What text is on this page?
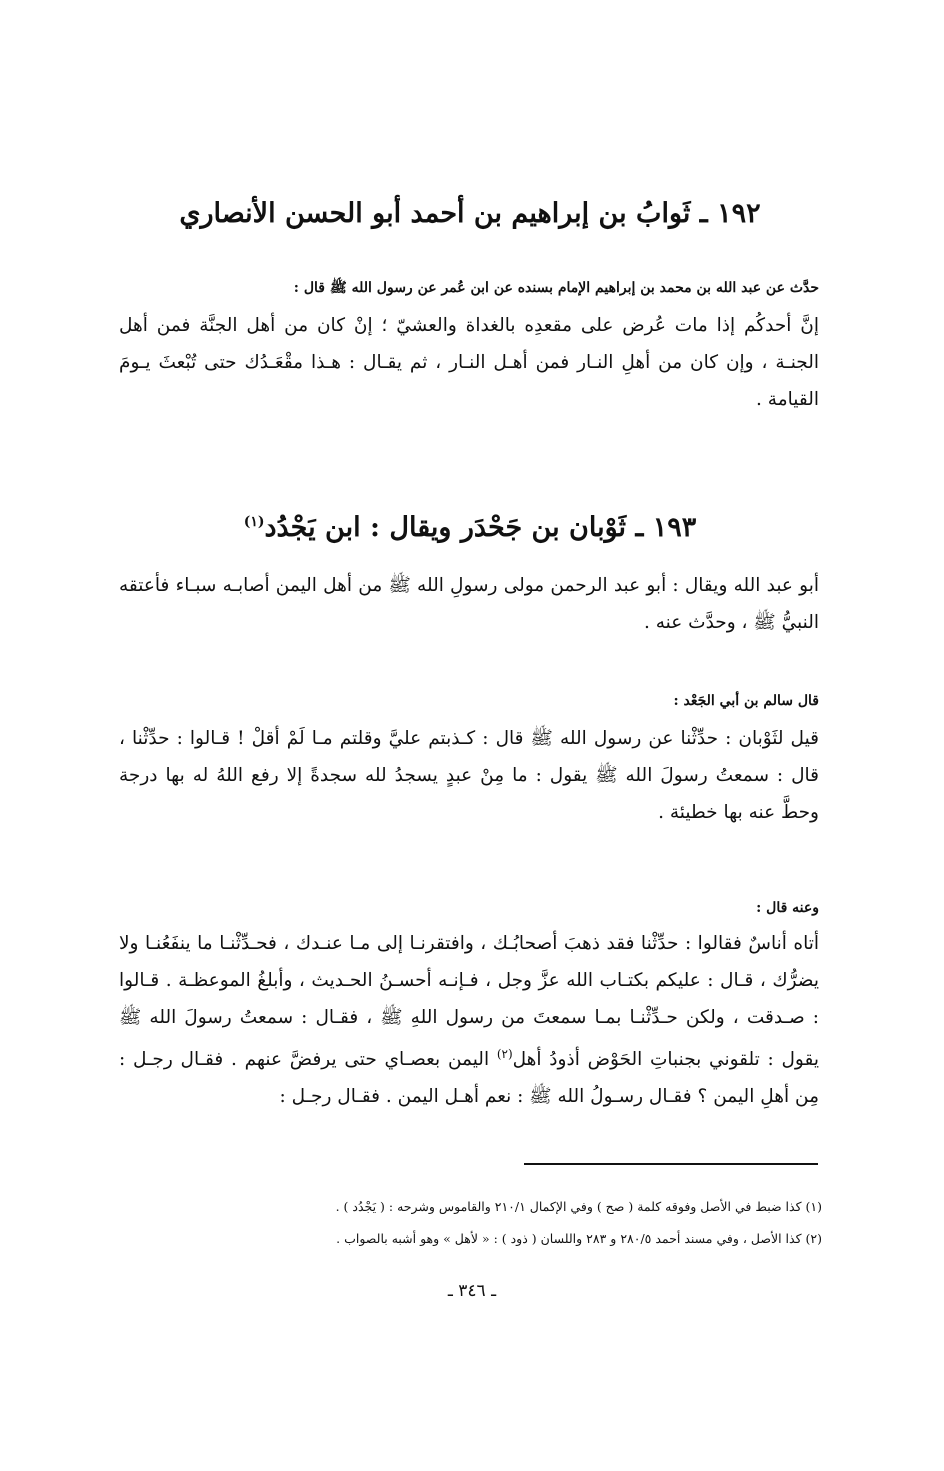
١٩٢ ـ ثَوابُ بن إبراهيم بن أحمد أبو الحسن الأنصاري
حدَّث عن عبد الله بن محمد بن إبراهيم الإمام بسنده عن ابن عُمر عن رسول الله ﷺ قال :

إنَّ أحدكُم إذا مات عُرض على مقعدِه بالغداة والعشيّ ؛ إنْ كان من أهل الجنَّة فمن أهل الجنـة ، وإن كان من أهلِ النـار فمن أهـل النـار ، ثم يقـال : هـذا مقْعَـدُك حتى تُبْعثَ يـومَ القيامة .

١٩٣ ـ ثَوْبان بن جَحْدَر ويقال : ابن يَجْدُد$^{(١)}$

أبو عبد الله ويقال : أبو عبد الرحمن مولى رسولِ الله ﷺ من أهل اليمن أصابـه سبـاء فأعتقه النبيُّ ﷺ ، وحدَّث عنه .

قال سالم بن أبي الجَعْد :

قيل لثَوْبان : حدِّثْنا عن رسول الله ﷺ قال : كـذبتم عليَّ وقلتم مـا لَمْ أقلْ ! قـالوا : حدِّثْنا ، قال : سمعتُ رسولَ الله ﷺ يقول : ما مِنْ عبدٍ يسجدُ لله سجدةً إلا رفع اللهُ له بها درجة وحطَّ عنه بها خطيئة .

وعنه قال :

أتاه أناسٌ فقالوا : حدِّثْنا فقد ذهبَ أصحابُـك ، وافتقرنـا إلى مـا عنـدك ، فحـدِّثْنـا ما ينفَعُنـا ولا يضرُّك ، قـال : عليكم بكتـاب الله عزَّ وجل ، فـإنـه أحسـنُ الحـديث ، وأبلغُ الموعظـة . قـالوا : صـدقت ، ولكن حـدِّثْنـا بمـا سمعتَ من رسول اللهِ ﷺ ، فقـال : سمعتُ رسولَ الله ﷺ يقول : تلقوني بجنباتِ الحَوْض أذودُ أهل$^{(٢)}$ اليمن بعصـاي حتى يرفضَّ عنهم . فقـال رجـل : مِن أهلِ اليمن ؟ فقـال رسـولُ الله ﷺ : نعم أهـل اليمن . فقـال رجـل :

(١) كذا ضبط في الأصل وفوقه كلمة ( صح ) وفي الإكمال ٢١٠/١ والقاموس وشرحه : ( يَجْدُد ) .
(٢) كذا الأصل ، وفي مسند أحمد ٢٨٠/٥ و ٢٨٣ واللسان ( ذود ) : « لأهل » وهو أشبه بالصواب .
ـ ٣٤٦ ـ
